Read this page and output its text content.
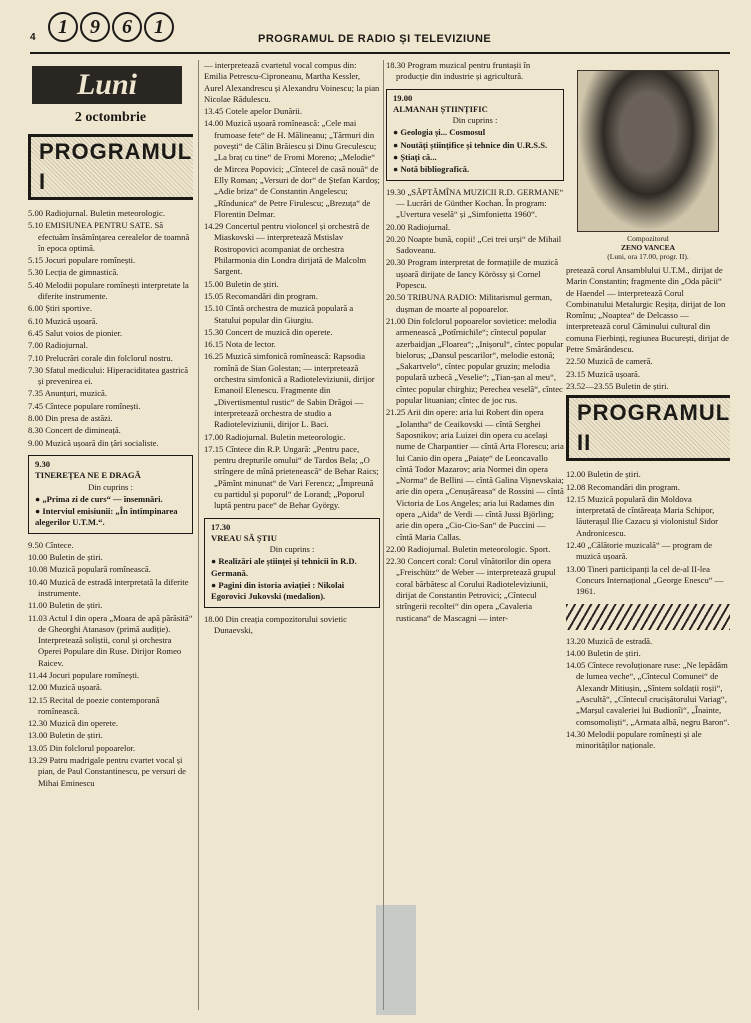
4	1	9	6	1
PROGRAMUL DE RADIO ȘI TELEVIZIUNE
Luni
2 octombrie
PROGRAMUL I

5.00 Radiojurnal. Buletin meteorologic.

5.10 EMISIUNEA PENTRU SATE. Să efectuăm însămînțarea cerealelor de toamnă în epoca optimă.

5.15 Jocuri populare romînești.

5.30 Lecția de gimnastică.

5.40 Melodii populare romînești interpretate la diferite instrumente.

6.00 Știri sportive.

6.10 Muzică ușoară.

6.45 Salut voios de pionier.

7.00 Radiojurnal.

7.10 Prelucrări corale din folclorul nostru.

7.30 Sfatul medicului: Hiperaciditatea gastrică și prevenirea ei.

7.35 Anunțuri, muzică.

7.45 Cîntece populare romînești.

8.00 Din presa de astăzi.

8.30 Concert de dimineață.

9.00 Muzică ușoară din țări socialiste.

9.30
TINEREȚEA NE E DRAGĂ
Din cuprins :
● „Prima zi de curs“ — însemnări.
● Interviul emisiunii: „În întîmpinarea alegerilor U.T.M.“.

9.50 Cîntece.

10.00 Buletin de știri.

10.08 Muzică populară romînească.

10.40 Muzică de estradă interpretată la diferite instrumente.

11.00 Buletin de știri.

11.03 Actul I din opera „Moara de apă părăsită“ de Gheorghi Atanasov (primă audiție). Interpretează soliștii, corul și orchestra Operei Populare din Ruse. Dirijor Romeo Raicev.

11.44 Jocuri populare romînești.

12.00 Muzică ușoară.

12.15 Recital de poezie contemporană romînească.

12.30 Muzică din operete.

13.00 Buletin de știri.

13.05 Din folclorul popoarelor.

13.29 Patru madrigale pentru cvartet vocal și pian, de Paul Constantinescu, pe versuri de Mihai Eminescu

— interpretează cvartetul vocal compus din: Emilia Petrescu-Ciproneanu, Martha Kessler, Aurel Alexandrescu și Alexandru Voinescu; la pian Nicolae Rădulescu.

13.45 Cotele apelor Dunării.

14.00 Muzică ușoară romînească: „Cele mai frumoase fete“ de H. Mălineanu; „Tărmuri din povești“ de Călin Brăiescu și Dinu Greculescu; „La braț cu tine“ de Fromi Moreno; „Melodie“ de Mircea Popovici; „Cîntecel de casă nouă“ de Elly Roman; „Versuri de dor“ de Ștefan Kardoș; „Adie briza“ de Constantin Angelescu; „Rîndunica“ de Petre Firulescu; „Brezuța“ de Florentin Delmar.

14.29 Concertul pentru violoncel și orchestră de Miaskovski — interpretează Mstislav Rostropovici acompaniat de orchestra Philarmonia din Londra dirijată de Malcolm Sargent.

15.00 Buletin de știri.

15.05 Recomandări din program.

15.10 Cîntă orchestra de muzică populară a Statului popular din Giurgiu.

15.30 Concert de muzică din operete.

16.15 Nota de lector.

16.25 Muzică simfonică romînească: Rapsodia romînă de Sian Golestan; — interpretează orchestra simfonică a Radioteleviziunii, dirijor Emanoil Elenescu. Fragmente din „Divertismentul rustic“ de Sabin Drăgoi — interpretează orchestra de studio a Radioteleviziunii, dirijor L. Baci.

17.00 Radiojurnal. Buletin meteorologic.

17.15 Cîntece din R.P. Ungară: „Pentru pace, pentru drepturile omului“ de Tardos Bela; „O strîngere de mînă prietenească“ de Behar Raics; „Pămînt minunat“ de Vari Ferencz; „Împreună cu partidul și poporul“ de Lorand; „Poporul luptă pentru pace“ de Behar György.

17.30
VREAU SĂ ȘTIU
Din cuprins :
● Realizări ale științei și tehnicii în R.D. Germană.
● Pagini din istoria aviației : Nikolai Egorovici Jukovski (medalion).

18.00 Din creația compozitorului sovietic Dunaevski,

18.30 Program muzical pentru fruntașii în producție din industrie și agricultură.

19.00
ALMANAH ȘTIINȚIFIC
Din cuprins :
● Geologia și... Cosmosul
● Noutăți științifice și tehnice din U.R.S.S.
● Știați că...
● Notă bibliografică.

19.30 „SĂPTĂMÎNA MUZICII R.D. GERMANE“ — Lucrări de Günther Kochan. În program: „Uvertura veselă“ și „Simfonietta 1960“.

20.00 Radiojurnal.

20.20 Noapte bună, copii! „Cei trei urși“ de Mihail Sadoveanu.

20.30 Program interpretat de formațiile de muzică ușoară dirijate de Iancy Körössy și Cornel Popescu.

20.50 TRIBUNA RADIO: Militarismul german, dușman de moarte al popoarelor.

21.00 Din folclorul popoarelor sovietice: melodia armenească „Potîrnichile“; cîntecul popular azerbaidjan „Floarea“; „Inișorul“, cîntec popular bielorus; „Dansul pescarilor“, melodie estonă; „Sakartvelo“, cîntec popular gruzin; melodia populară uzbecă „Veselie“; „Tian-șan al meu“, cîntec popular chirghiz; Perechea veselă“, cîntec popular lituanian; cîntec de joc rus.

21.25 Arii din opere: aria lui Robert din opera „Iolantha“ de Ceaikovski — cîntă Serghei Saposnikov; aria Luizei din opera cu același nume de Charpantier — cîntă Arta Florescu; aria lui Canio din opera „Paiațe“ de Leoncavallo cîntă Todor Mazarov; aria Normei din opera „Norma“ de Bellini — cîntă Galina Vișnevskaia; arie din opera „Cenușăreasa“ de Rossini — cîntă Victoria de Los Angeles; aria lui Radames din opera „Aida“ de Verdi — cîntă Jussi Björling; arie din opera „Cio-Cio-San“ de Puccini — cîntă Maria Callas.

22.00 Radiojurnal. Buletin meteorologic. Sport.

22.30 Concert coral: Corul vînătorilor din opera „Freischütz“ de Weber — interpretează grupul coral bărbătesc al Corului Radioteleviziunii, dirijat de Constantin Petrovici; „Cîntecul strîngerii recoltei“ din opera „Cavaleria rusticana“ de Mascagni — inter-

Compozitorul
ZENO VANCEA
(Luni, ora 17.00, progr. II).

pretează corul Ansamblului U.T.M., dirijat de Marin Constantin; fragmente din „Oda păcii“ de Haendel — interpretează Corul Combinatului Metalurgic Reșița, dirijat de Ion Romînu; „Noaptea“ de Delcasso — interpretează corul Căminului cultural din comuna Fierbinți, regiunea București, dirijat de Petre Smărăndescu.

22.50 Muzică de cameră.

23.15 Muzică ușoară.

23.52—23.55 Buletin de știri.

PROGRAMUL II

12.00 Buletin de știri.

12.08 Recomandări din program.

12.15 Muzică populară din Moldova interpretată de cîntăreața Maria Schipor, lăuterașul Ilie Cazacu și violonistul Sidor Andronicescu.

12.40 „Călătorie muzicală“ — program de muzică ușoară.

13.00 Tineri participanți la cel de-al II-lea Concurs Internațional „George Enescu“ — 1961.

13.20 Muzică de estradă.

14.00 Buletin de știri.

14.05 Cîntece revoluționare ruse: „Ne lepădăm de lumea veche“, „Cîntecul Comunei“ de Alexandr Mitiușin, „Sîntem soldații roșii“, „Ascultă“, „Cîntecul crucișătorului Variag“, „Marșul cavaleriei lui Budionîi“, „Înainte, comsomoliști“, „Armata albă, negru Baron“.

14.30 Melodii populare romînești și ale minorităților naționale.
